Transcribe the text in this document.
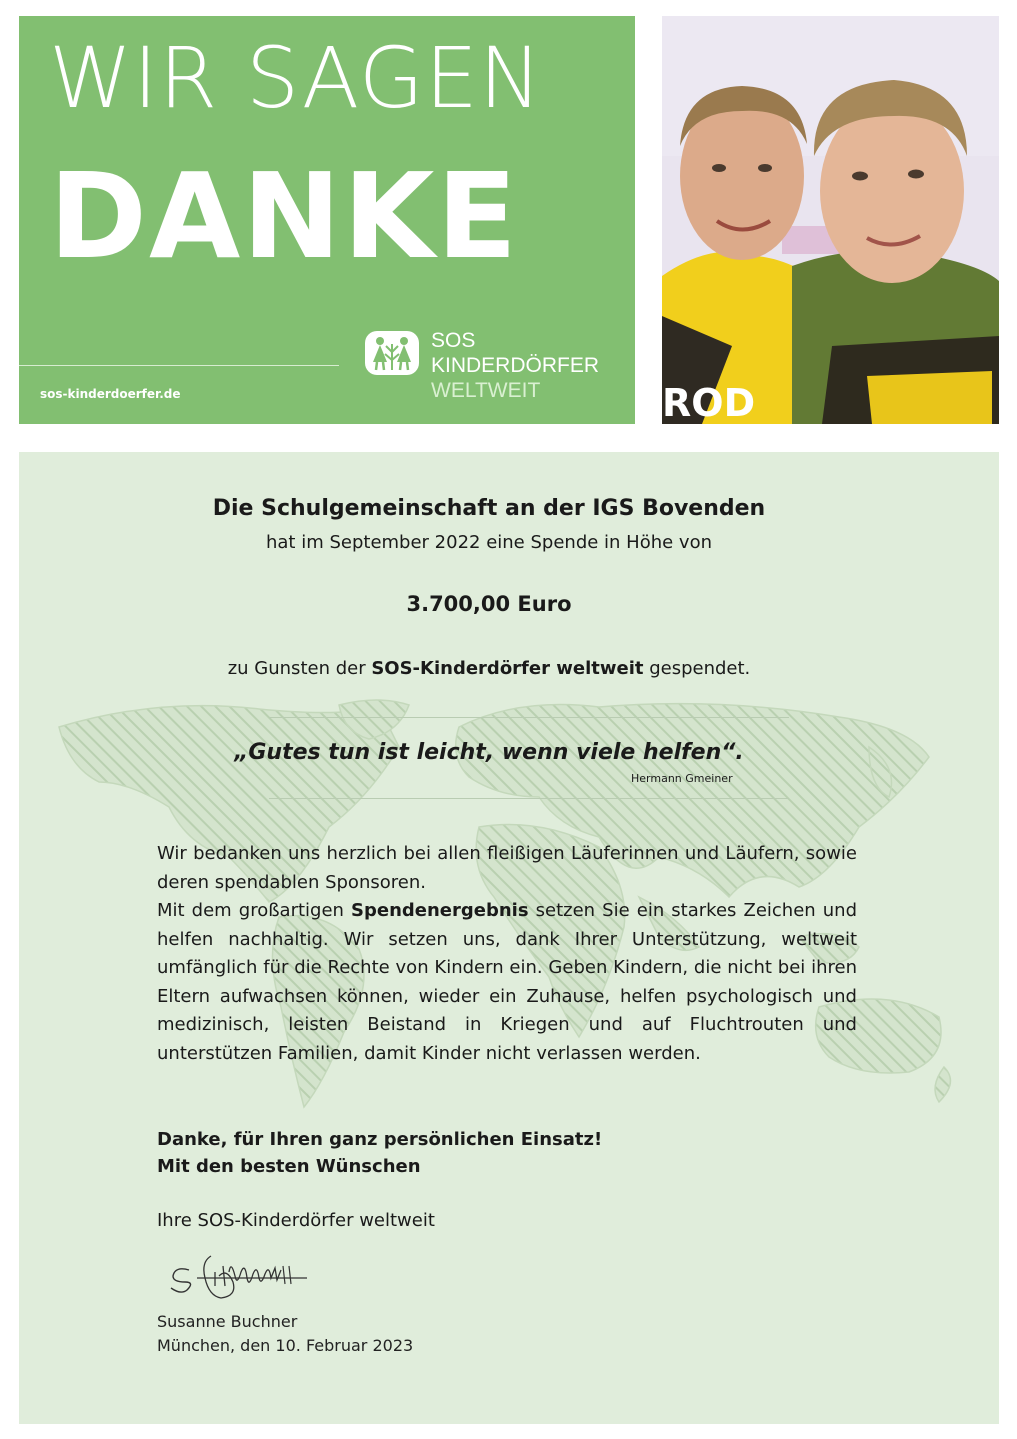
WIR SAGEN
DANKE
sos-kinderdoerfer.de
SOS
KINDERDÖRFER
WELTWEIT	ROD
Die Schulgemeinschaft an der IGS Bovenden
hat im September 2022 eine Spende in Höhe von
3.700,00 Euro
zu Gunsten der SOS-Kinderdörfer weltweit gespendet.
„Gutes tun ist leicht, wenn viele helfen“.
Hermann Gmeiner

Wir bedanken uns herzlich bei allen fleißigen Läuferinnen und Läufern, sowie deren spendablen Sponsoren.

Mit dem großartigen Spendenergebnis setzen Sie ein starkes Zeichen und helfen nachhaltig. Wir setzen uns, dank Ihrer Unterstützung, weltweit umfänglich für die Rechte von Kindern ein. Geben Kindern, die nicht bei ihren Eltern aufwachsen können, wieder ein Zuhause, helfen psychologisch und medizinisch, leisten Beistand in Kriegen und auf Fluchtrouten und unterstützen Familien, damit Kinder nicht verlassen werden.

Danke, für Ihren ganz persönlichen Einsatz!
Mit den besten Wünschen
Ihre SOS-Kinderdörfer weltweit
Susanne Buchner
München, den 10. Februar 2023
